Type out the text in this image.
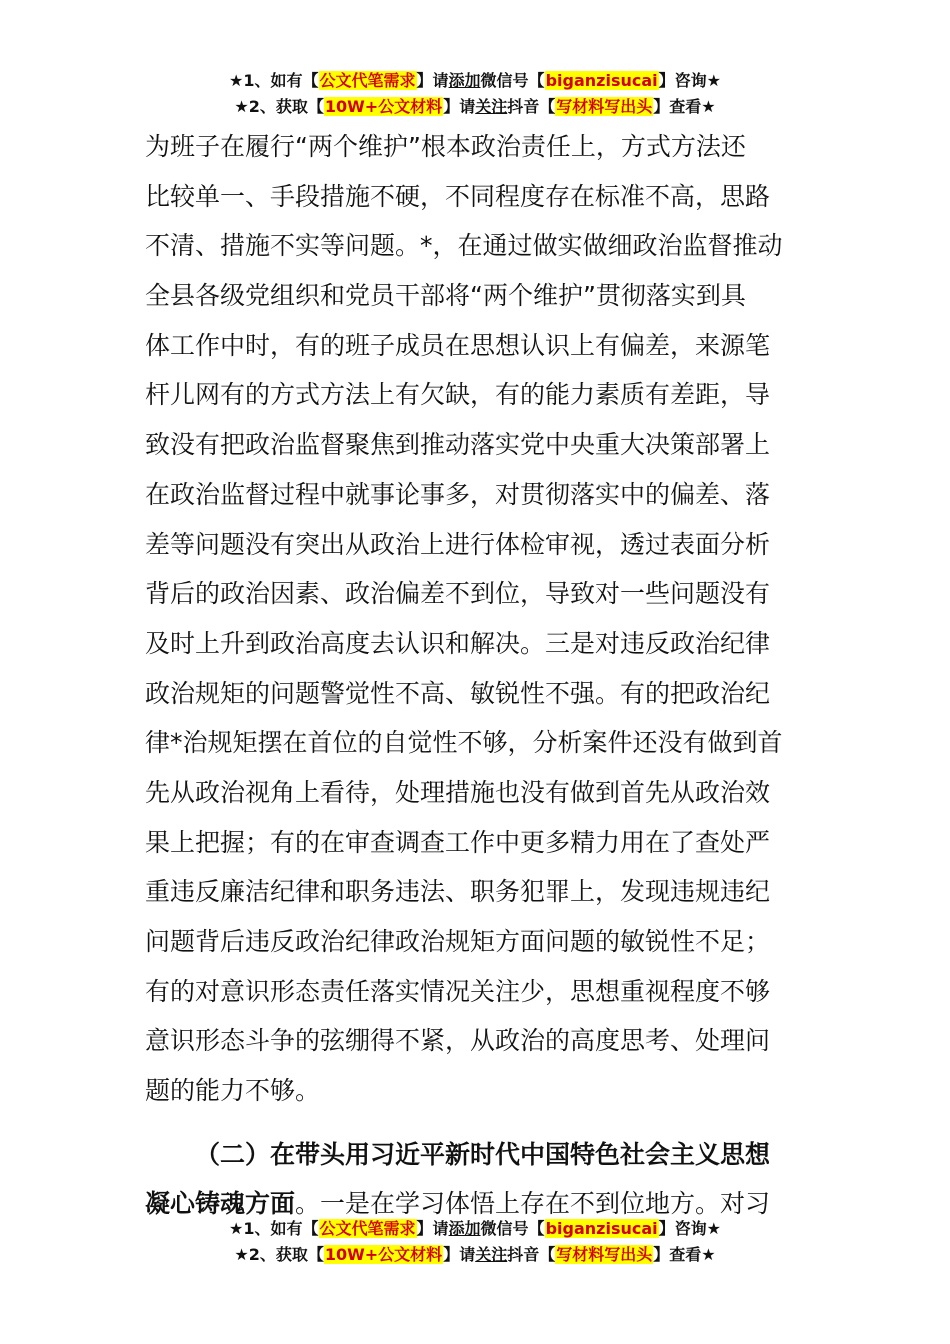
★1、如有【公文代笔需求】请添加微信号【biganzisucai】咨询★
★2、获取【10W+公文材料】请关注抖音【写材料写出头】查看★
为班子在履行“两个维护”根本政治责任上，方式方法还
比较单一、手段措施不硬，不同程度存在标准不高，思路
不清、措施不实等问题。*，在通过做实做细政治监督推动
全县各级党组织和党员干部将“两个维护”贯彻落实到具
体工作中时，有的班子成员在思想认识上有偏差，来源笔
杆儿网有的方式方法上有欠缺，有的能力素质有差距，导
致没有把政治监督聚焦到推动落实党中央重大决策部署上
在政治监督过程中就事论事多，对贯彻落实中的偏差、落
差等问题没有突出从政治上进行体检审视，透过表面分析
背后的政治因素、政治偏差不到位，导致对一些问题没有
及时上升到政治高度去认识和解决。三是对违反政治纪律
政治规矩的问题警觉性不高、敏锐性不强。有的把政治纪
律*治规矩摆在首位的自觉性不够，分析案件还没有做到首
先从政治视角上看待，处理措施也没有做到首先从政治效
果上把握；有的在审查调查工作中更多精力用在了查处严
重违反廉洁纪律和职务违法、职务犯罪上，发现违规违纪
问题背后违反政治纪律政治规矩方面问题的敏锐性不足；
有的对意识形态责任落实情况关注少，思想重视程度不够
意识形态斗争的弦绷得不紧，从政治的高度思考、处理问
题的能力不够。
（二）在带头用习近平新时代中国特色社会主义思想
凝心铸魂方面。一是在学习体悟上存在不到位地方。对习
★1、如有【公文代笔需求】请添加微信号【biganzisucai】咨询★
★2、获取【10W+公文材料】请关注抖音【写材料写出头】查看★
